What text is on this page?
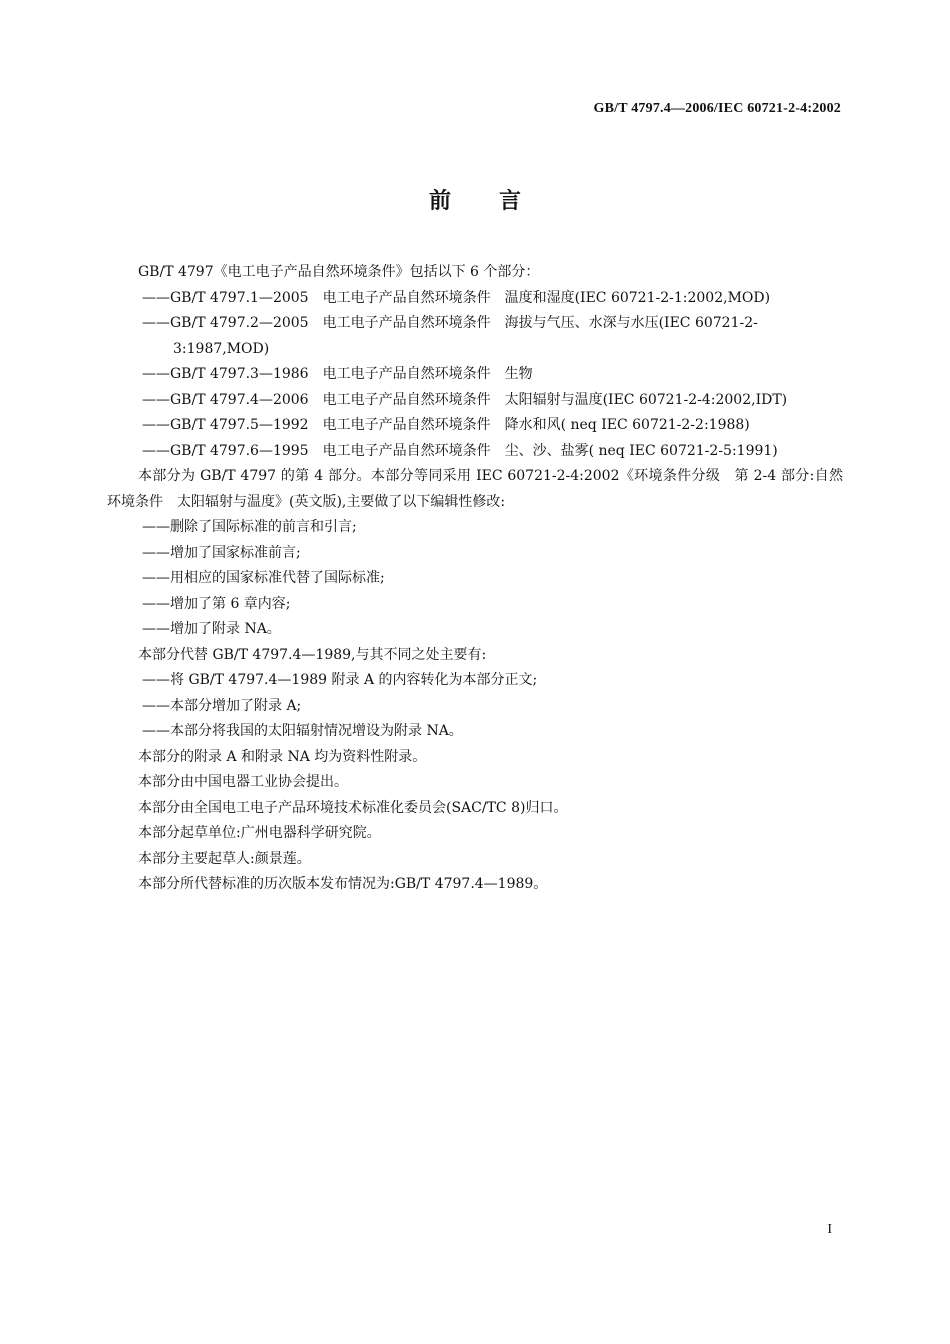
GB/T 4797.4—2006/IEC 60721-2-4:2002
前言

GB/T 4797《电工电子产品自然环境条件》包括以下 6 个部分：

——GB/T 4797.1—2005　电工电子产品自然环境条件　温度和湿度(IEC 60721-2-1:2002,MOD)

——GB/T 4797.2—2005　电工电子产品自然环境条件　海拔与气压、水深与水压(IEC 60721-2-3:1987,MOD)

——GB/T 4797.3—1986　电工电子产品自然环境条件　生物

——GB/T 4797.4—2006　电工电子产品自然环境条件　太阳辐射与温度(IEC 60721-2-4:2002,IDT)

——GB/T 4797.5—1992　电工电子产品自然环境条件　降水和风( neq IEC 60721-2-2:1988)

——GB/T 4797.6—1995　电工电子产品自然环境条件　尘、沙、盐雾( neq IEC 60721-2-5:1991)

本部分为 GB/T 4797 的第 4 部分。本部分等同采用 IEC 60721-2-4:2002《环境条件分级　第 2-4 部分:自然环境条件　太阳辐射与温度》(英文版),主要做了以下编辑性修改:

——删除了国际标准的前言和引言;

——增加了国家标准前言;

——用相应的国家标准代替了国际标准;

——增加了第 6 章内容;

——增加了附录 NA。

本部分代替 GB/T 4797.4—1989,与其不同之处主要有:

——将 GB/T 4797.4—1989 附录 A 的内容转化为本部分正文;

——本部分增加了附录 A;

——本部分将我国的太阳辐射情况增设为附录 NA。

本部分的附录 A 和附录 NA 均为资料性附录。

本部分由中国电器工业协会提出。

本部分由全国电工电子产品环境技术标准化委员会(SAC/TC 8)归口。

本部分起草单位:广州电器科学研究院。

本部分主要起草人:颜景莲。

本部分所代替标准的历次版本发布情况为:GB/T 4797.4—1989。

I
